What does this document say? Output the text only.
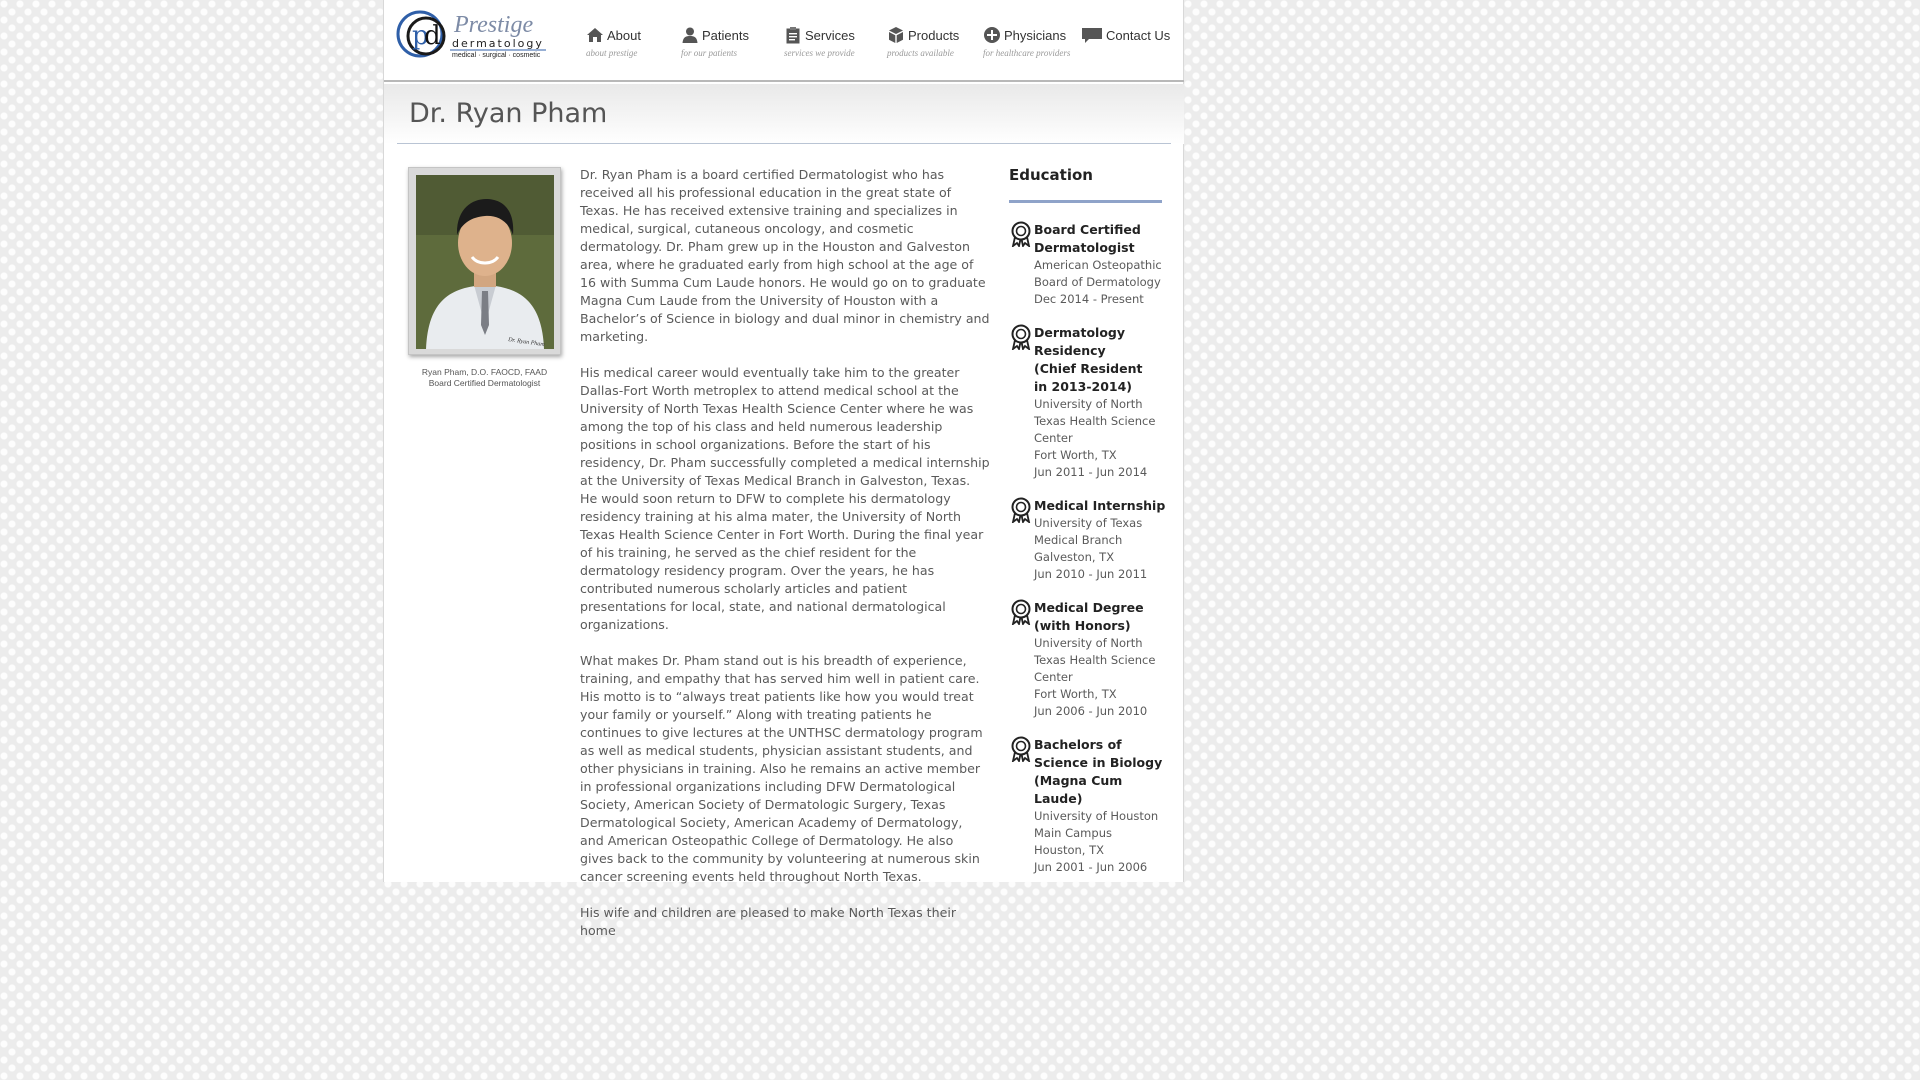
p
d Prestige
dermatology
medical · surgical · cosmetic
About
about prestige
Patients
for our patients
Services
services we provide
Products
products available
Physicians
for healthcare providers
Contact Us
Dr. Ryan Pham
Dr. Ryan Pham
Ryan Pham, D.O. FAOCD, FAAD
Board Certified Dermatologist

Dr. Ryan Pham is a board certified Dermatologist who has received all his professional education in the great state of Texas. He has received extensive training and specializes in medical, surgical, cutaneous oncology, and cosmetic dermatology. Dr. Pham grew up in the Houston and Galveston area, where he graduated early from high school at the age of 16 with Summa Cum Laude honors. He would go on to graduate Magna Cum Laude from the University of Houston with a Bachelor’s of Science in biology and dual minor in chemistry and marketing.

His medical career would eventually take him to the greater Dallas-Fort Worth metroplex to attend medical school at the University of North Texas Health Science Center where he was among the top of his class and held numerous leadership positions in school organizations. Before the start of his residency, Dr. Pham successfully completed a medical internship at the University of Texas Medical Branch in Galveston, Texas. He would soon return to DFW to complete his dermatology residency training at his alma mater, the University of North Texas Health Science Center in Fort Worth. During the final year of his training, he served as the chief resident for the dermatology residency program. Over the years, he has contributed numerous scholarly articles and patient presentations for local, state, and national dermatological organizations.

What makes Dr. Pham stand out is his breadth of experience, training, and empathy that has served him well in patient care. His motto is to “always treat patients like how you would treat your family or yourself.” Along with treating patients he continues to give lectures at the UNTHSC dermatology program as well as medical students, physician assistant students, and other physicians in training. Also he remains an active member in professional organizations including DFW Dermatological Society, American Society of Dermatologic Surgery, Texas Dermatological Society, American Academy of Dermatology, and American Osteopathic College of Dermatology. He also gives back to the community by volunteering at numerous skin cancer screening events held throughout North Texas.

His wife and children are pleased to make North Texas their home

Education
Board Certified
Dermatologist
American Osteopathic
Board of Dermatology
Dec 2014 - Present
Dermatology
Residency
(Chief Resident
in 2013-2014)
University of North
Texas Health Science
Center
Fort Worth, TX
Jun 2011 - Jun 2014
Medical Internship
University of Texas
Medical Branch
Galveston, TX
Jun 2010 - Jun 2011
Medical Degree
(with Honors)
University of North
Texas Health Science
Center
Fort Worth, TX
Jun 2006 - Jun 2010
Bachelors of
Science in Biology
(Magna Cum Laude)
University of Houston
Main Campus
Houston, TX
Jun 2001 - Jun 2006
